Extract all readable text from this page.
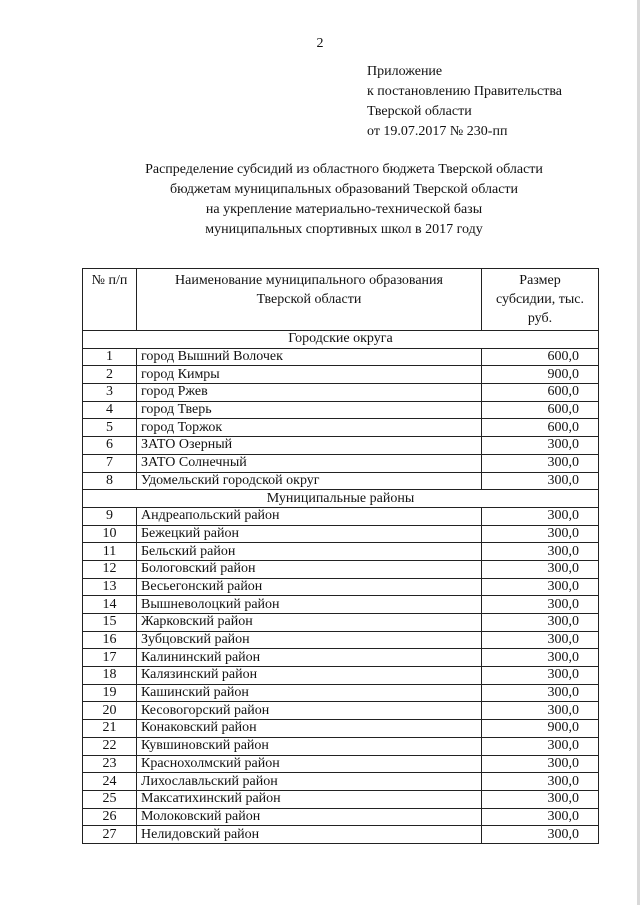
2
Приложение
к постановлению Правительства
Тверской области
от 19.07.2017 № 230-пп
Распределение субсидий из областного бюджета Тверской области
бюджетам муниципальных образований Тверской области
на укрепление материально-технической базы
муниципальных спортивных школ в 2017 году
№ п/п	Наименование муниципального образования Тверской области	Размер субсидии, тыс. руб.
Городские округа		
1	город Вышний Волочек	600,0
2	город Кимры	900,0
3	город Ржев	600,0
4	город Тверь	600,0
5	город Торжок	600,0
6	ЗАТО Озерный	300,0
7	ЗАТО Солнечный	300,0
8	Удомельский городской округ	300,0
Муниципальные районы		
9	Андреапольский район	300,0
10	Бежецкий район	300,0
11	Бельский район	300,0
12	Бологовский район	300,0
13	Весьегонский район	300,0
14	Вышневолоцкий район	300,0
15	Жарковский район	300,0
16	Зубцовский район	300,0
17	Калининский район	300,0
18	Калязинский район	300,0
19	Кашинский район	300,0
20	Кесовогорский район	300,0
21	Конаковский район	900,0
22	Кувшиновский район	300,0
23	Краснохолмский район	300,0
24	Лихославльский район	300,0
25	Максатихинский район	300,0
26	Молоковский район	300,0
27	Нелидовский район	300,0
